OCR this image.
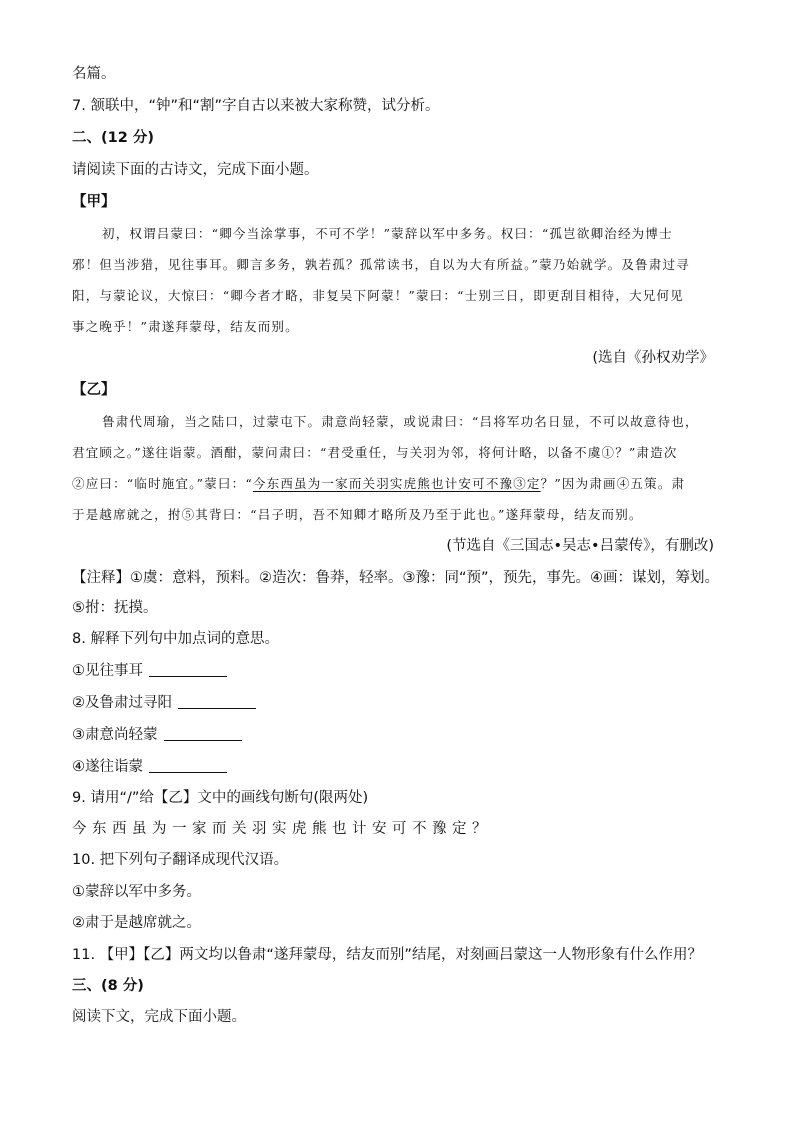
名篇。
7. 颔联中，“钟”和“割”字自古以来被大家称赞，试分析。
二、(12 分)
请阅读下面的古诗文，完成下面小题。
【甲】
初，权谓吕蒙曰：“卿今当涂掌事，不可不学！”蒙辞以军中多务。权曰：“孤岂欲卿治经为博士
邪！但当涉猎，见往事耳。卿言多务，孰若孤？孤常读书，自以为大有所益。”蒙乃始就学。及鲁肃过寻
阳，与蒙论议，大惊曰：“卿今者才略，非复吴下阿蒙！”蒙曰：“士别三日，即更刮目相待，大兄何见
事之晚乎！”肃遂拜蒙母，结友而别。
(选自《孙权劝学》
【乙】
鲁肃代周瑜，当之陆口，过蒙屯下。肃意尚轻蒙，或说肃曰：“吕将军功名日显，不可以故意待也，
君宜顾之。”遂往诣蒙。酒酣，蒙问肃曰：“君受重任，与关羽为邻，将何计略，以备不虞①？”肃造次
②应曰：“临时施宜。”蒙曰：“今东西虽为一家而关羽实虎熊也计安可不豫③定？”因为肃画④五策。肃
于是越席就之，拊⑤其背曰：“吕子明，吾不知卿才略所及乃至于此也。”遂拜蒙母，结友而别。
(节选自《三国志•吴志•吕蒙传》，有删改)
【注释】①虞：意料，预料。②造次：鲁莽，轻率。③豫：同“预”，预先，事先。④画：谋划，筹划。
⑤拊：抚摸。
8. 解释下列句中加点词的意思。
①见往事耳
②及鲁肃过寻阳
③肃意尚轻蒙
④遂往诣蒙
9. 请用“/”给【乙】文中的画线句断句(限两处)
今东西虽为一家而关羽实虎熊也计安可不豫定？
10. 把下列句子翻译成现代汉语。
①蒙辞以军中多务。
②肃于是越席就之。
11. 【甲】【乙】两文均以鲁肃“遂拜蒙母，结友而别”结尾，对刻画吕蒙这一人物形象有什么作用？
三、(8 分)
阅读下文，完成下面小题。
